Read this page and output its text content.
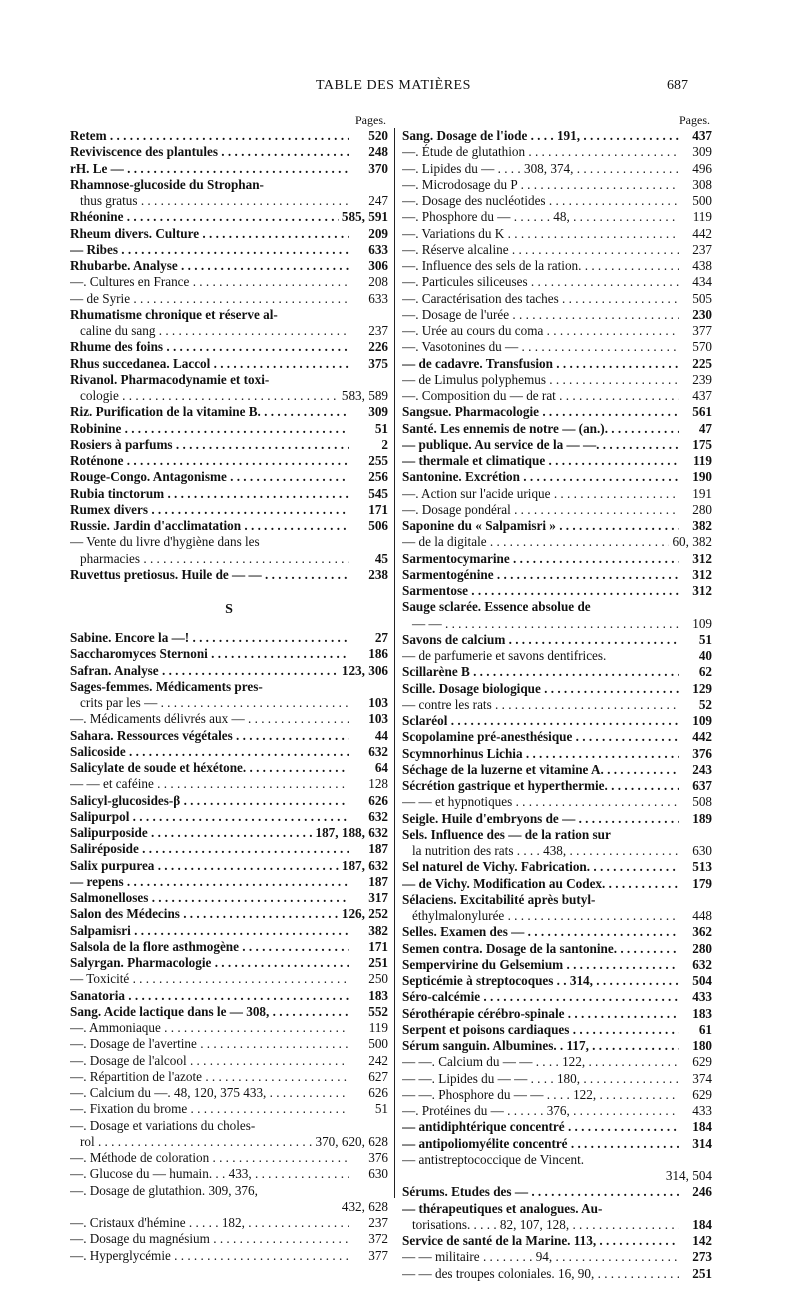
TABLE DES MATIÈRES	687
Pages.
Retem . . .	520
Reviviscence des plantules . . .	248
rH. Le — . . .	370
Rhamnose-glucoside du Strophan-
thus gratus . . .	247
Rhéonine . . .	585, 591
Rheum divers. Culture . . .	209
— Ribes . . .	633
Rhubarbe. Analyse . . .	306
—. Cultures en France . . .	208
— de Syrie . . .	633
Rhumatisme chronique et réserve al-
caline du sang . . .	237
Rhume des foins . . .	226
Rhus succedanea. Laccol . . .	375
Rivanol. Pharmacodynamie et toxi-
cologie . . .	583, 589
Riz. Purification de la vitamine B. . . .	309
Robinine . . .	51
Rosiers à parfums . . .	2
Roténone . . .	255
Rouge-Congo. Antagonisme . . .	256
Rubia tinctorum . . .	545
Rumex divers . . .	171
Russie. Jardin d'acclimatation . . .	506
— Vente du livre d'hygiène dans les
pharmacies . . .	45
Ruvettus pretiosus. Huile de — — . . .	238
S
Sabine. Encore la —! . . .	27
Saccharomyces Sternoni . . .	186
Safran. Analyse . . .	123, 306
Sages-femmes. Médicaments pres-
crits par les — . . .	103
—. Médicaments délivrés aux — . . . .	103
Sahara. Ressources végétales . . .	44
Salicoside . . .	632
Salicylate de soude et héxétone. . . .	64
— — et caféine . . .	128
Salicyl-glucosides-β . . .	626
Salipurpol . . .	632
Salipurposide . . .	187, 188, 632
Saliréposide . . .	187
Salix purpurea . . .	187, 632
— repens . . .	187
Salmonelloses . . .	317
Salon des Médecins . . .	126, 252
Salpamisri . . .	382
Salsola de la flore asthmogène . . .	171
Salyrgan. Pharmacologie . . .	251
— Toxicité . . .	250
Sanatoria . . .	183
Sang. Acide lactique dans le — 308, . . .	552
—. Ammoniaque . . .	119
—. Dosage de l'avertine . . .	500
—. Dosage de l'alcool . . .	242
—. Répartition de l'azote . . .	627
—. Calcium du —. 48, 120, 375 433, . . .	626
—. Fixation du brome . . .	51
—. Dosage et variations du choles-
rol . . .	370, 620, 628
—. Méthode de coloration . . .	376
—. Glucose du — humain. . . 433, . . .	630
—. Dosage de glutathion. 309, 376,
432, 628
—. Cristaux d'hémine . . . . . 182, . . .	237
—. Dosage du magnésium . . .	372
—. Hyperglycémie . . .	377
Pages.
Sang. Dosage de l'iode . . . . 191, . . .	437
—. Étude de glutathion . . .	309
—. Lipides du — . . . . 308, 374, . . .	496
—. Microdosage du P . . .	308
—. Dosage des nucléotides . . .	500
—. Phosphore du — . . . . . . 48, . . .	119
—. Variations du K . . .	442
—. Réserve alcaline . . .	237
—. Influence des sels de la ration. . . .	438
—. Particules siliceuses . . .	434
—. Caractérisation des taches . . .	505
—. Dosage de l'urée . . .	230
—. Urée au cours du coma . . .	377
—. Vasotonines du — . . .	570
— de cadavre. Transfusion . . .	225
— de Limulus polyphemus . . .	239
—. Composition du — de rat . . .	437
Sangsue. Pharmacologie . . .	561
Santé. Les ennemis de notre — (an.). . . .	47
— publique. Au service de la — —. . . .	175
— thermale et climatique . . .	119
Santonine. Excrétion . . .	190
—. Action sur l'acide urique . . .	191
—. Dosage pondéral . . .	280
Saponine du « Salpamisri » . . .	382
— de la digitale . . .	60, 382
Sarmentocymarine . . .	312
Sarmentogénine . . .	312
Sarmentose . . .	312
Sauge sclarée. Essence absolue de
— — . . .	109
Savons de calcium . . .	51
— de parfumerie et savons dentifrices.	40
Scillarène B . . .	62
Scille. Dosage biologique . . .	129
— contre les rats . . .	52
Sclaréol . . .	109
Scopolamine pré-anesthésique . . .	442
Scymnorhinus Lichia . . .	376
Séchage de la luzerne et vitamine A. . . .	243
Sécrétion gastrique et hyperthermie. . . .	637
— — et hypnotiques . . .	508
Seigle. Huile d'embryons de — . . .	189
Sels. Influence des — de la ration sur
la nutrition des rats . . . . 438, . . .	630
Sel naturel de Vichy. Fabrication. . . .	513
— de Vichy. Modification au Codex. . . .	179
Sélaciens. Excitabilité après butyl-
éthylmalonylurée . . .	448
Selles. Examen des — . . .	362
Semen contra. Dosage de la santonine. . . .	280
Sempervirine du Gelsemium . . .	632
Septicémie à streptocoques . . 314, . . .	504
Séro-calcémie . . .	433
Sérothérapie cérébro-spinale . . .	183
Serpent et poisons cardiaques . . .	61
Sérum sanguin. Albumines. . 117, . . .	180
— —. Calcium du — — . . . . 122, . . .	629
— —. Lipides du — — . . . . 180, . . .	374
— —. Phosphore du — — . . . . 122, . . .	629
—. Protéines du — . . . . . . 376, . . .	433
— antidiphtérique concentré . . .	184
— antipoliomyélite concentré . . .	314
— antistreptococcique de Vincent.
314, 504
Sérums. Etudes des — . . .	246
— thérapeutiques et analogues. Au-
torisations. . . . . 82, 107, 128, . . .	184
Service de santé de la Marine. 113, . . .	142
— — militaire . . . . . . . . 94, . . .	273
— — des troupes coloniales. 16, 90, . . .	251
